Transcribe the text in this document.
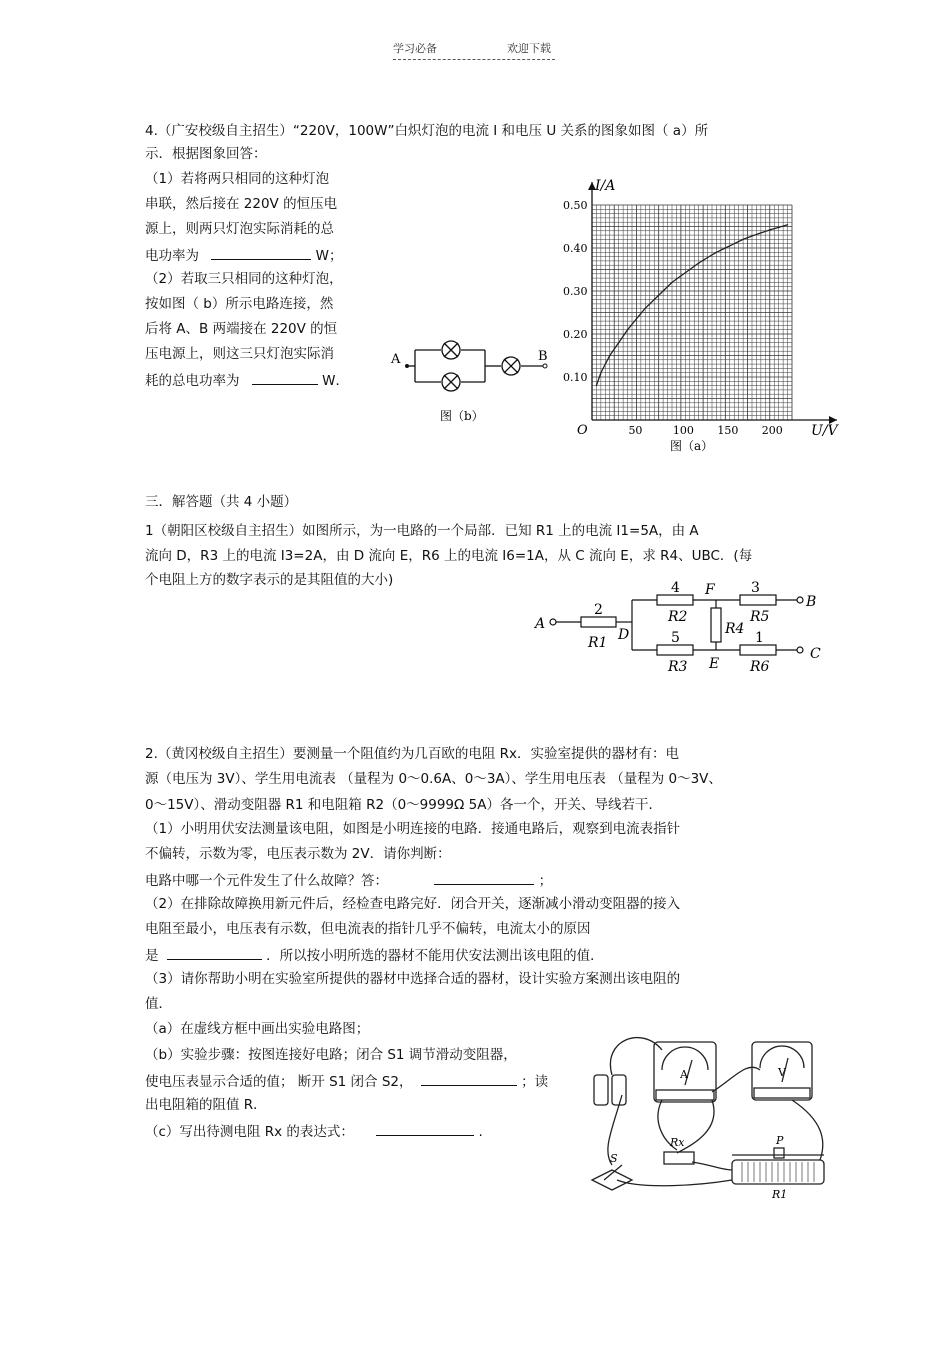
学习必备	欢迎下载
4.（广安校级自主招生）“220V，100W”白炽灯泡的电流 I 和电压 U 关系的图象如图（ a）所
示．根据图象回答：
（1）若将两只相同的这种灯泡
串联，然后接在 220V 的恒压电
源上，则两只灯泡实际消耗的总
电功率为	W；
（2）若取三只相同的这种灯泡，
按如图（ b）所示电路连接，然
后将 A、B 两端接在 220V 的恒
压电源上，则这三只灯泡实际消
耗的总电功率为	W．
A	B
图（b）
50	100 150 200
0.10
0.20
0.30
0.40
0.50
I/A
U/V
O
图（a）
三．解答题（共 4 小题）
1（朝阳区校级自主招生）如图所示，为一电路的一个局部．已知 R1 上的电流 I1=5A，由 A
流向 D，R3 上的电流 I3=2A，由 D 流向 E，R6 上的电流 I6=1A，从 C 流向 E，求 R4、UBC．(每
个电阻上方的数字表示的是其阻值的大小)
A
B
C
D
E
F
R1
R2
R3
R4
R5
R6
2
4
5
3
1
2.（黄冈校级自主招生）要测量一个阻值约为几百欧的电阻 Rx．实验室提供的器材有：电
源（电压为 3V）、学生用电流表 （量程为 0～0.6A、0～3A）、学生用电压表 （量程为 0～3V、
0～15V）、滑动变阻器 R1 和电阻箱 R2（0～9999Ω 5A）各一个，开关、导线若干．
（1）小明用伏安法测量该电阻，如图是小明连接的电路．接通电路后，观察到电流表指针
不偏转，示数为零，电压表示数为 2V．请你判断：
电路中哪一个元件发生了什么故障？答：	；
（2）在排除故障换用新元件后，经检查电路完好．闭合开关，逐渐减小滑动变阻器的接入
电阻至最小，电压表有示数，但电流表的指针几乎不偏转，电流太小的原因
是	．所以按小明所选的器材不能用伏安法测出该电阻的值．
（3）请你帮助小明在实验室所提供的器材中选择合适的器材，设计实验方案测出该电阻的
值．
（a）在虚线方框中画出实验电路图；
（b）实验步骤：按图连接好电路；闭合 S1 调节滑动变阻器，
使电压表显示合适的值； 断开 S1 闭合 S2，	；读
出电阻箱的阻值 R．
（c）写出待测电阻 Rx 的表达式：	.
A	V
S
Rx	P
R1
